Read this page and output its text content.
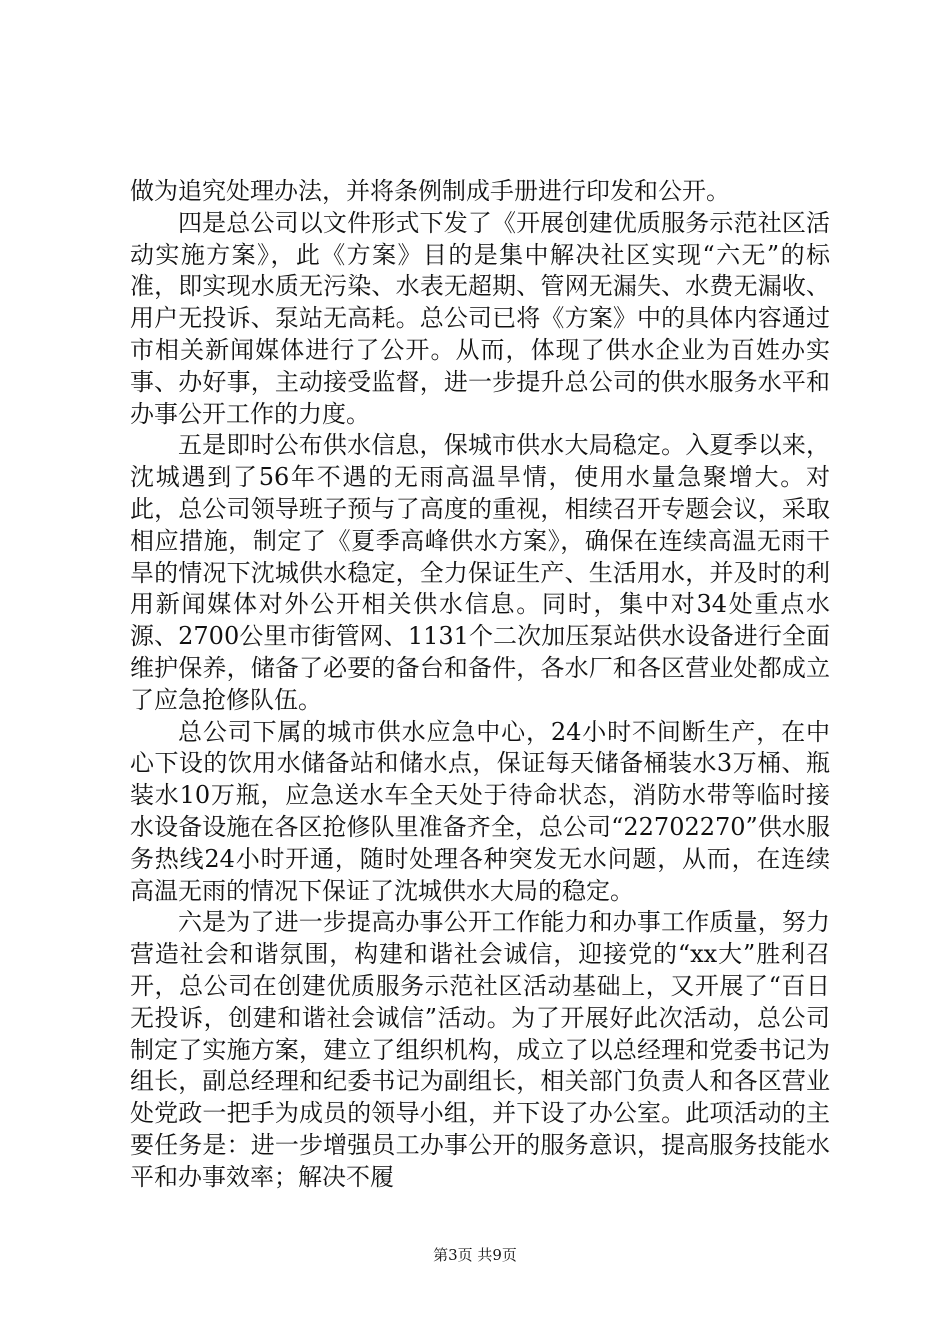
做为追究处理办法，并将条例制成手册进行印发和公开。

四是总公司以文件形式下发了《开展创建优质服务示范社区活动实施方案》，此《方案》目的是集中解决社区实现“六无”的标准，即实现水质无污染、水表无超期、管网无漏失、水费无漏收、用户无投诉、泵站无高耗。总公司已将《方案》中的具体内容通过市相关新闻媒体进行了公开。从而，体现了供水企业为百姓办实事、办好事，主动接受监督，进一步提升总公司的供水服务水平和办事公开工作的力度。

五是即时公布供水信息，保城市供水大局稳定。入夏季以来，沈城遇到了56年不遇的无雨高温旱情，使用水量急聚增大。对此，总公司领导班子预与了高度的重视，相续召开专题会议，采取相应措施，制定了《夏季高峰供水方案》，确保在连续高温无雨干旱的情况下沈城供水稳定，全力保证生产、生活用水，并及时的利用新闻媒体对外公开相关供水信息。同时，集中对34处重点水源、2700公里市街管网、1131个二次加压泵站供水设备进行全面维护保养，储备了必要的备台和备件，各水厂和各区营业处都成立了应急抢修队伍。

总公司下属的城市供水应急中心，24小时不间断生产，在中心下设的饮用水储备站和储水点，保证每天储备桶装水3万桶、瓶装水10万瓶，应急送水车全天处于待命状态，消防水带等临时接水设备设施在各区抢修队里准备齐全，总公司“22702270”供水服务热线24小时开通，随时处理各种突发无水问题，从而，在连续高温无雨的情况下保证了沈城供水大局的稳定。

六是为了进一步提高办事公开工作能力和办事工作质量，努力营造社会和谐氛围，构建和谐社会诚信，迎接党的“xx大”胜利召开，总公司在创建优质服务示范社区活动基础上，又开展了“百日无投诉，创建和谐社会诚信”活动。为了开展好此次活动，总公司制定了实施方案，建立了组织机构，成立了以总经理和党委书记为组长，副总经理和纪委书记为副组长，相关部门负责人和各区营业处党政一把手为成员的领导小组，并下设了办公室。此项活动的主要任务是：进一步增强员工办事公开的服务意识，提高服务技能水平和办事效率；解决不履

第3页 共9页
